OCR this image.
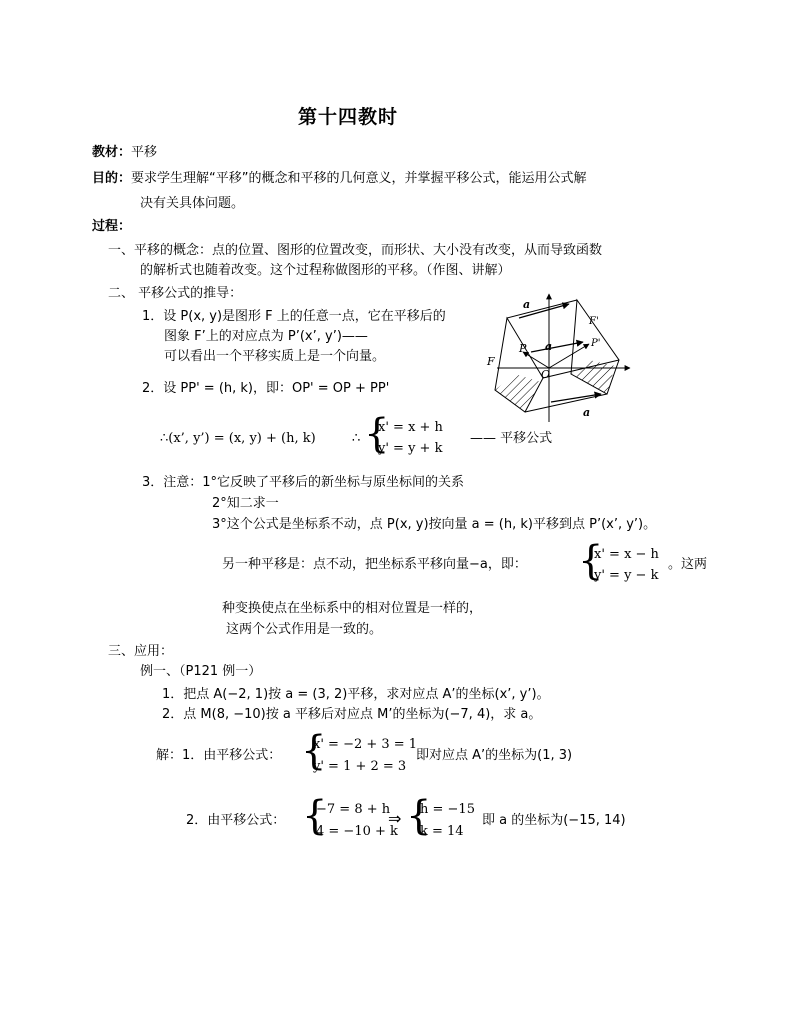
第十四教时
教材：平移
目的：要求学生理解“平移”的概念和平移的几何意义，并掌握平移公式，能运用公式解
决有关具体问题。
过程：
一、平移的概念：点的位置、图形的位置改变，而形状、大小没有改变，从而导致函数
的解析式也随着改变。这个过程称做图形的平移。（作图、讲解）
二、 平移公式的推导：
1．设 P(x, y)是图形 F 上的任意一点，它在平移后的
图象 F’上的对应点为 P’(x’, y’)——
可以看出一个平移实质上是一个向量。
2．设 PP' = (h, k)，即：OP' = OP + PP'
∴(x’, y’) = (x, y) + (h, k)	∴ {
x' = x + h
y' = y + k
—— 平移公式
3．注意：1°它反映了平移后的新坐标与原坐标间的关系
2°知二求一
3°这个公式是坐标系不动，点 P(x, y)按向量 a = (h, k)平移到点 P’(x’, y’)。
另一种平移是：点不动，把坐标系平移向量−a，即： {
x' = x − h
y' = y − k
。这两
种变换使点在坐标系中的相对位置是一样的，
这两个公式作用是一致的。
三、应用：
例一、（P121 例一）
1．把点 A(−2, 1)按 a = (3, 2)平移，求对应点 A’的坐标(x’, y’)。
2．点 M(8, −10)按 a 平移后对应点 M’的坐标为(−7, 4)，求 a。
解：1．由平移公式： {
x' = −2 + 3 = 1
y' = 1 + 2 = 3
即对应点 A’的坐标为(1, 3)
2．由平移公式： {
−7 = 8 + h
4 = −10 + k
⇒ {
h = −15
k = 14
即 a 的坐标为(−15, 14)
a
a
a
F
F'
P	P'
O
